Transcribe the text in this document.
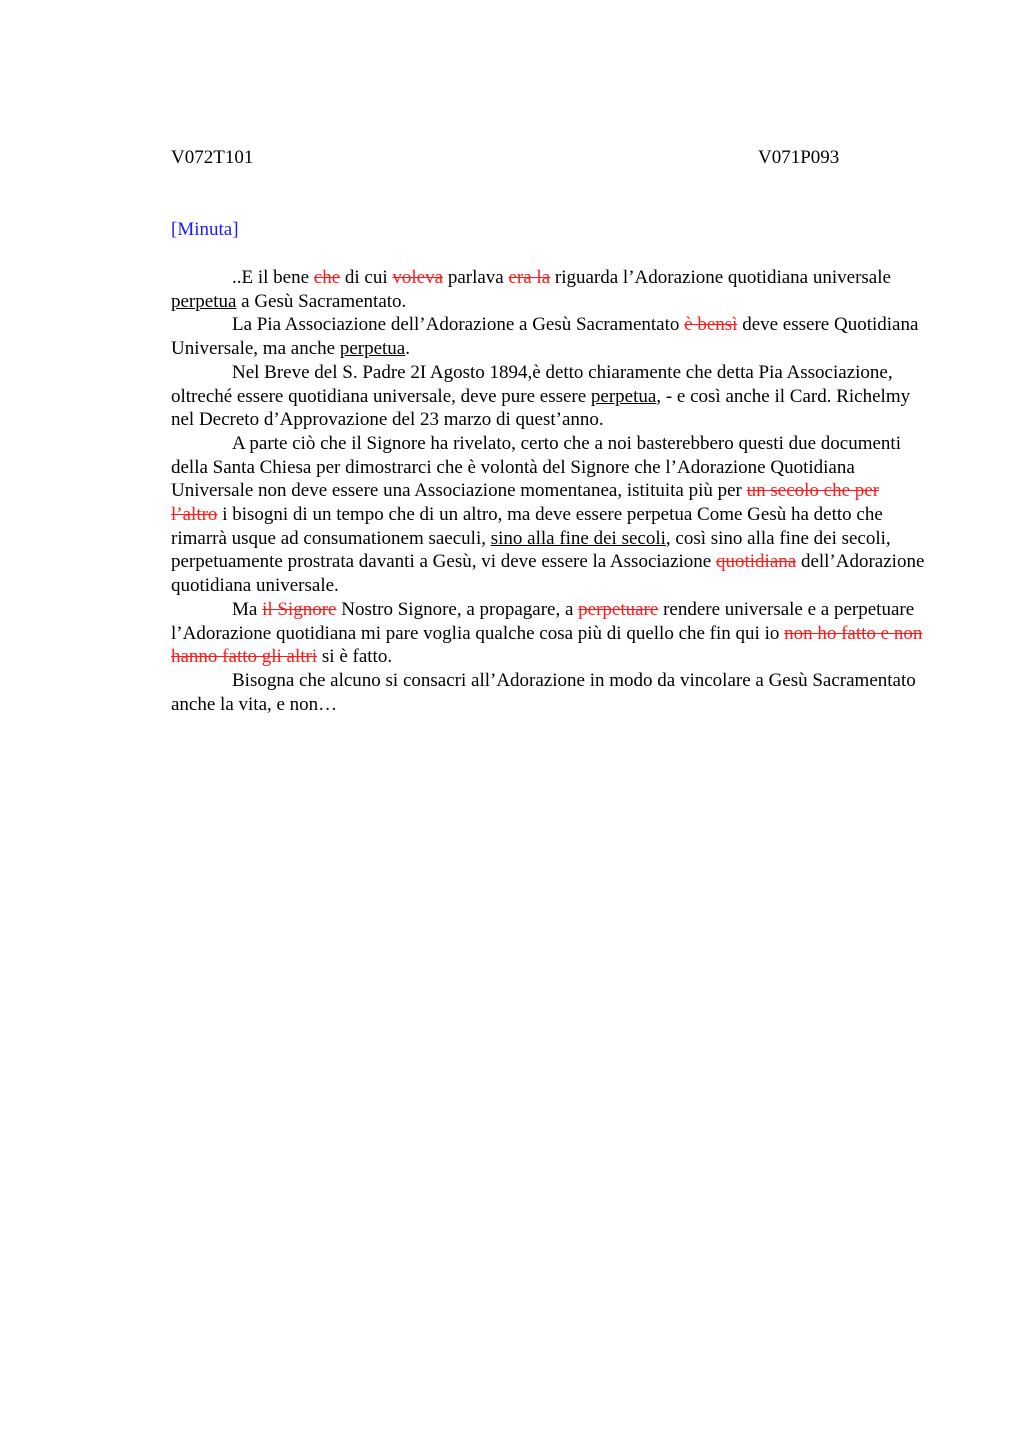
V072T101	V071P093
[Minuta]

..E il bene che di cui voleva parlava era la riguarda l’Adorazione quotidiana universale perpetua a Gesù Sacramentato.

La Pia Associazione dell’Adorazione a Gesù Sacramentato è bensì deve essere Quotidiana Universale, ma anche perpetua.

Nel Breve del S. Padre 2I Agosto 1894,è detto chiaramente che detta Pia Associazione, oltreché essere quotidiana universale, deve pure essere perpetua, - e così anche il Card. Richelmy nel Decreto d’Approvazione del 23 marzo di quest’anno.

A parte ciò che il Signore ha rivelato, certo che a noi basterebbero questi due documenti della Santa Chiesa per dimostrarci che è volontà del Signore che l’Adorazione Quotidiana Universale non deve essere una Associazione momentanea, istituita più per un secolo che per l’altro i bisogni di un tempo che di un altro, ma deve essere perpetua Come Gesù ha detto che rimarrà usque ad consumationem saeculi, sino alla fine dei secoli, così sino alla fine dei secoli, perpetuamente prostrata davanti a Gesù, vi deve essere la Associazione quotidiana dell’Adorazione quotidiana universale.

Ma il Signore Nostro Signore, a propagare, a perpetuare rendere universale e a perpetuare l’Adorazione quotidiana mi pare voglia qualche cosa più di quello che fin qui io non ho fatto e non hanno fatto gli altri si è fatto.

Bisogna che alcuno si consacri all’Adorazione in modo da vincolare a Gesù Sacramentato anche la vita, e non…
